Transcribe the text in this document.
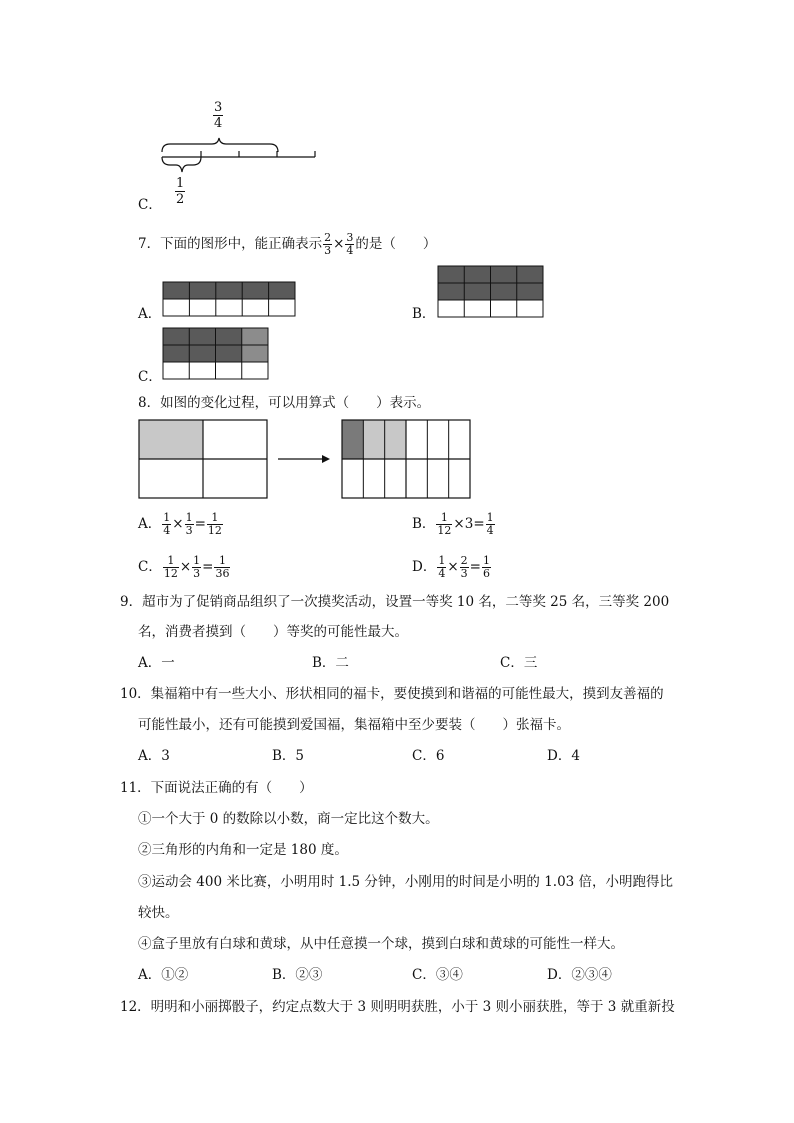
$\frac{3}{4}$
$\frac{1}{2}$
C．
7．下面的图形中，能正确表示 $\frac{2}{3} \times \frac{3}{4}$ 的是（　　）
A．	B．
C．
8．如图的变化过程，可以用算式（　　）表示。
A． $\frac{1}{4} \times \frac{1}{3} = \frac{1}{12}$	B． $\frac{1}{12} \times 3= \frac{1}{4}$
C． $\frac{1}{12} \times \frac{1}{3} = \frac{1}{36}$	D． $\frac{1}{4} \times \frac{2}{3} = \frac{1}{6}$
9．超市为了促销商品组织了一次摸奖活动，设置一等奖 10 名，二等奖 25 名，三等奖 200
名，消费者摸到（　　）等奖的可能性最大。
A．一	B．二	C．三
10．集福箱中有一些大小、形状相同的福卡，要使摸到和谐福的可能性最大，摸到友善福的
可能性最小，还有可能摸到爱国福，集福箱中至少要装（　　）张福卡。
A．3	B．5	C．6	D．4
11．下面说法正确的有（　　）
①一个大于 0 的数除以小数，商一定比这个数大。
②三角形的内角和一定是 180 度。
③运动会 400 米比赛，小明用时 1.5 分钟，小刚用的时间是小明的 1.03 倍，小明跑得比
较快。
④盒子里放有白球和黄球，从中任意摸一个球，摸到白球和黄球的可能性一样大。
A．①②	B．②③	C．③④	D．②③④
12．明明和小丽掷骰子，约定点数大于 3 则明明获胜，小于 3 则小丽获胜，等于 3 就重新投
